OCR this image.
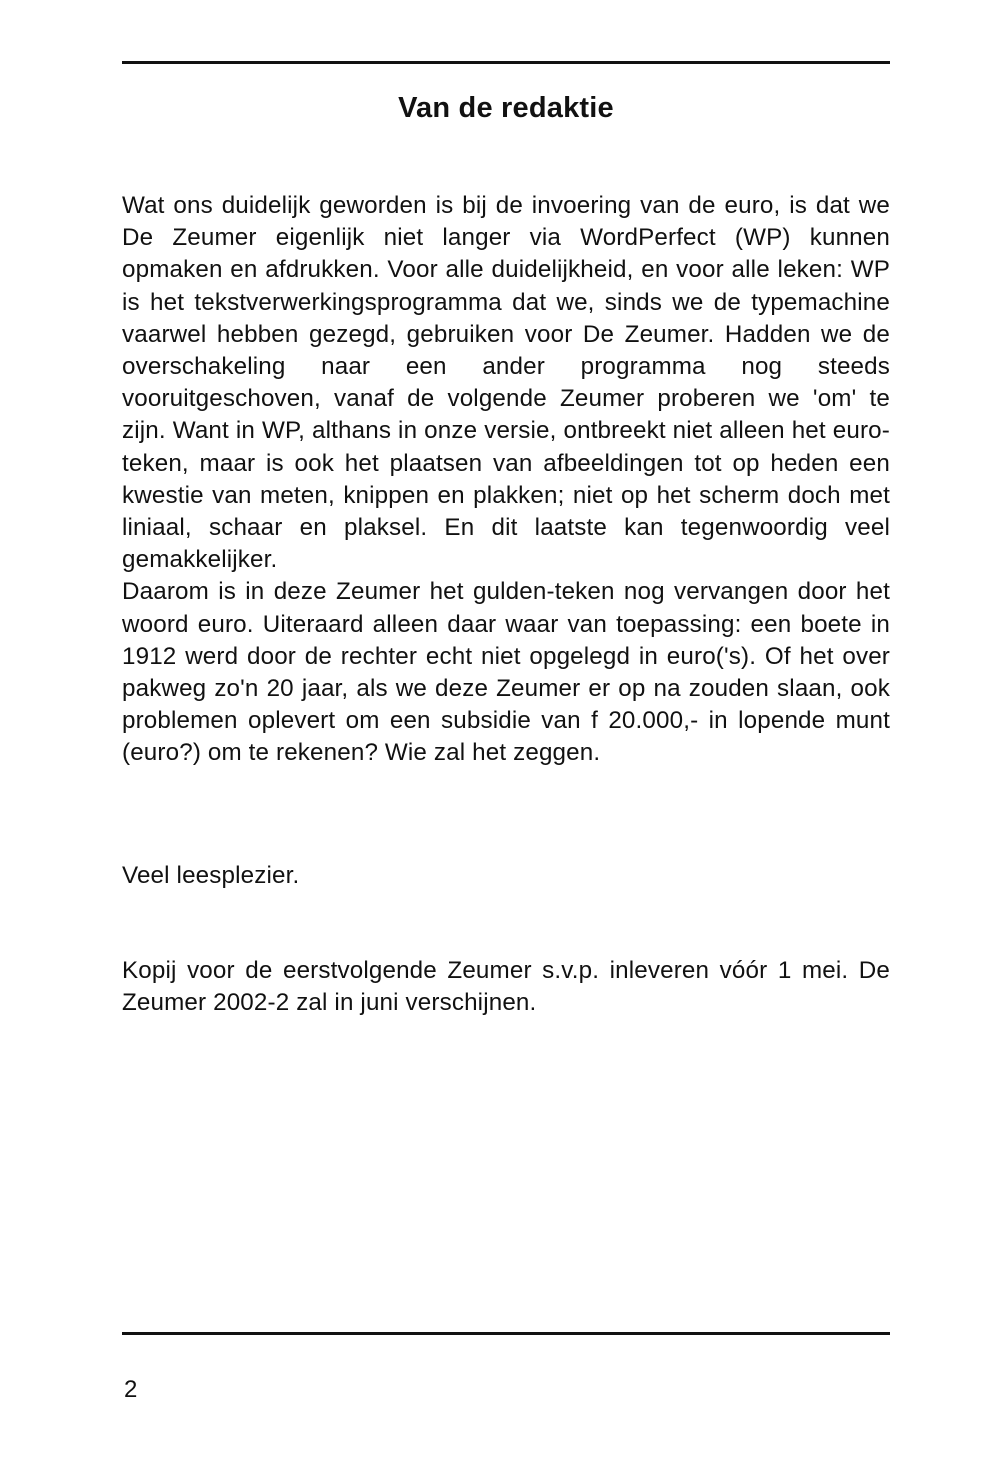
Van de redaktie

Wat ons duidelijk geworden is bij de invoering van de euro, is dat we De Zeumer eigenlijk niet langer via WordPerfect (WP) kunnen opmaken en afdrukken. Voor alle duidelijkheid, en voor alle leken: WP is het tekstverwerkingsprogramma dat we, sinds we de typemachine vaarwel hebben gezegd, gebruiken voor De Zeumer. Hadden we de overschakeling naar een ander programma nog steeds vooruitgeschoven, vanaf de volgende Zeumer proberen we 'om' te zijn. Want in WP, althans in onze versie, ontbreekt niet alleen het euro-teken, maar is ook het plaatsen van afbeeldingen tot op heden een kwestie van meten, knippen en plakken; niet op het scherm doch met liniaal, schaar en plaksel. En dit laatste kan tegenwoordig veel gemakkelijker.

Daarom is in deze Zeumer het gulden-teken nog vervangen door het woord euro. Uiteraard alleen daar waar van toepassing: een boete in 1912 werd door de rechter echt niet opgelegd in euro('s). Of het over pakweg zo'n 20 jaar, als we deze Zeumer er op na zouden slaan, ook problemen oplevert om een subsidie van f 20.000,- in lopende munt (euro?) om te rekenen? Wie zal het zeggen.

Veel leesplezier.
Kopij voor de eerstvolgende Zeumer s.v.p. inleveren vóór 1 mei. De Zeumer 2002-2 zal in juni verschijnen.
2
